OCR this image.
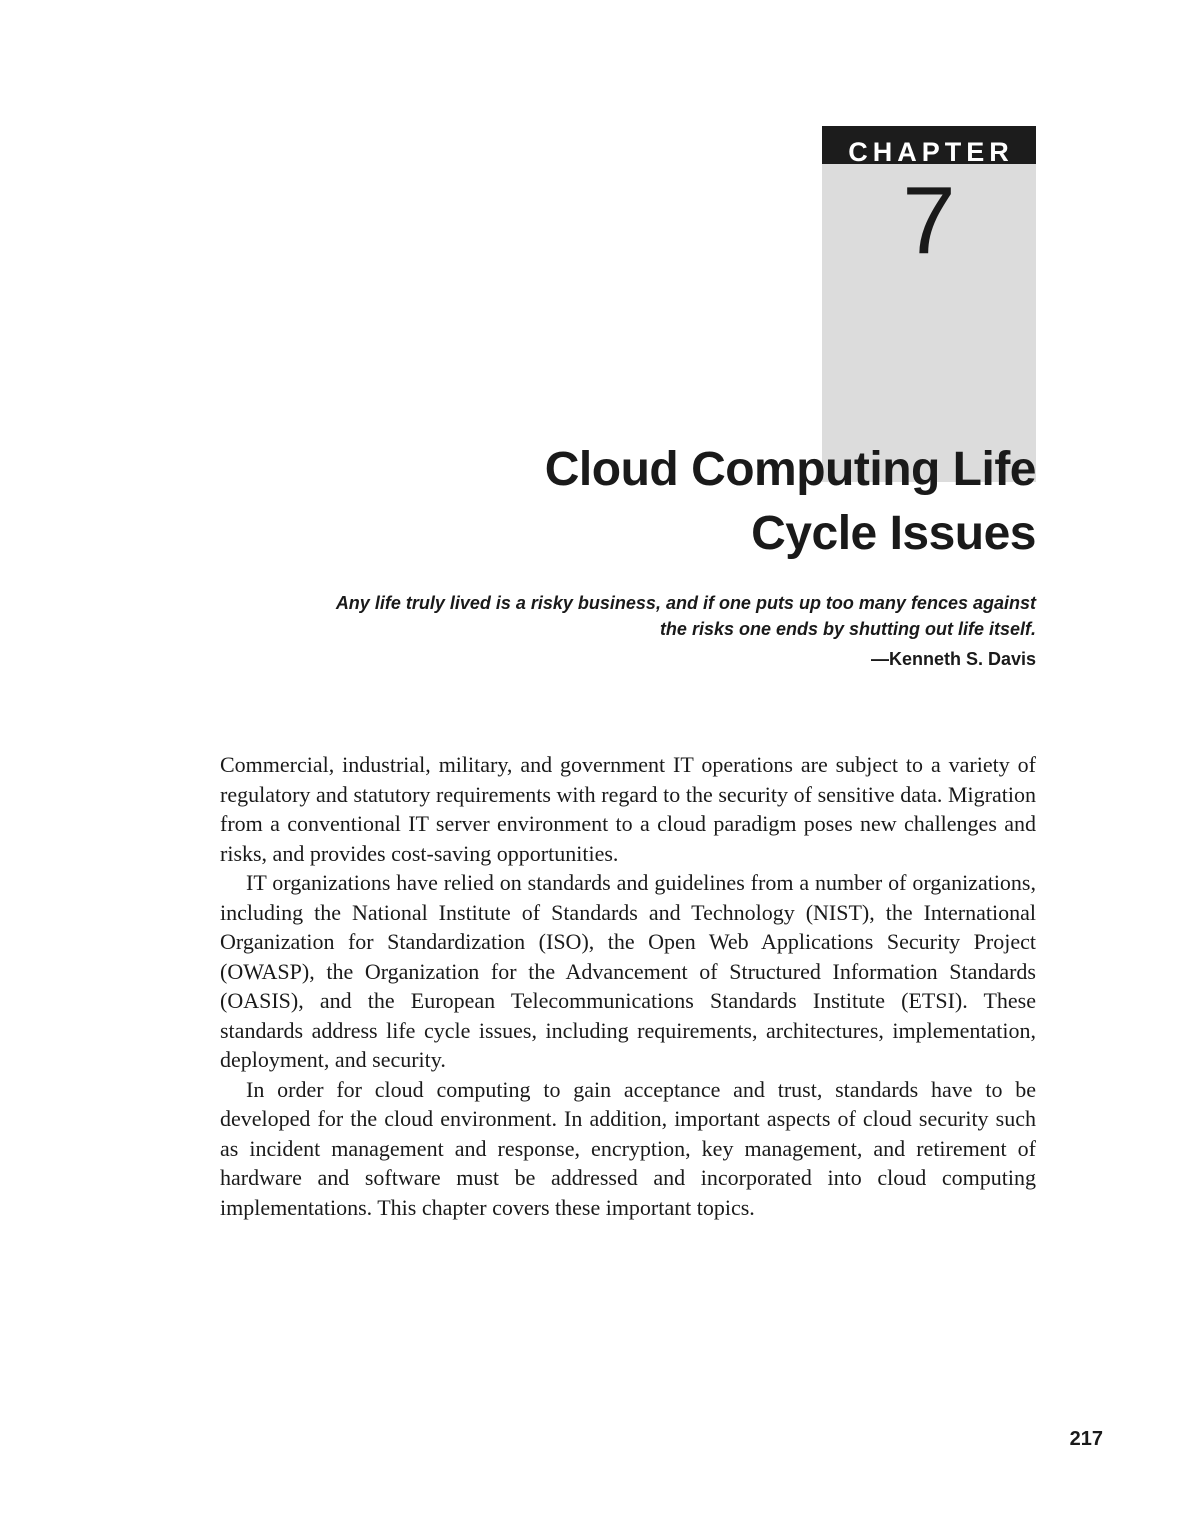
CHAPTER
7
Cloud Computing Life
Cycle Issues
Any life truly lived is a risky business, and if one puts up too many fences against
the risks one ends by shutting out life itself.
—Kenneth S. Davis

Commercial, industrial, military, and government IT operations are subject to a variety of regulatory and statutory requirements with regard to the security of sensitive data. Migration from a conventional IT server environment to a cloud paradigm poses new challenges and risks, and provides cost-saving opportunities.

IT organizations have relied on standards and guidelines from a number of organizations, including the National Institute of Standards and Technology (NIST), the International Organization for Standardization (ISO), the Open Web Applications Security Project (OWASP), the Organization for the Advancement of Structured Information Standards (OASIS), and the European Telecommunications Standards Institute (ETSI). These standards address life cycle issues, including requirements, architectures, implementation, deployment, and security.

In order for cloud computing to gain acceptance and trust, standards have to be developed for the cloud environment. In addition, important aspects of cloud security such as incident management and response, encryption, key management, and retirement of hardware and software must be addressed and incorporated into cloud computing implementations. This chapter covers these important topics.

217
